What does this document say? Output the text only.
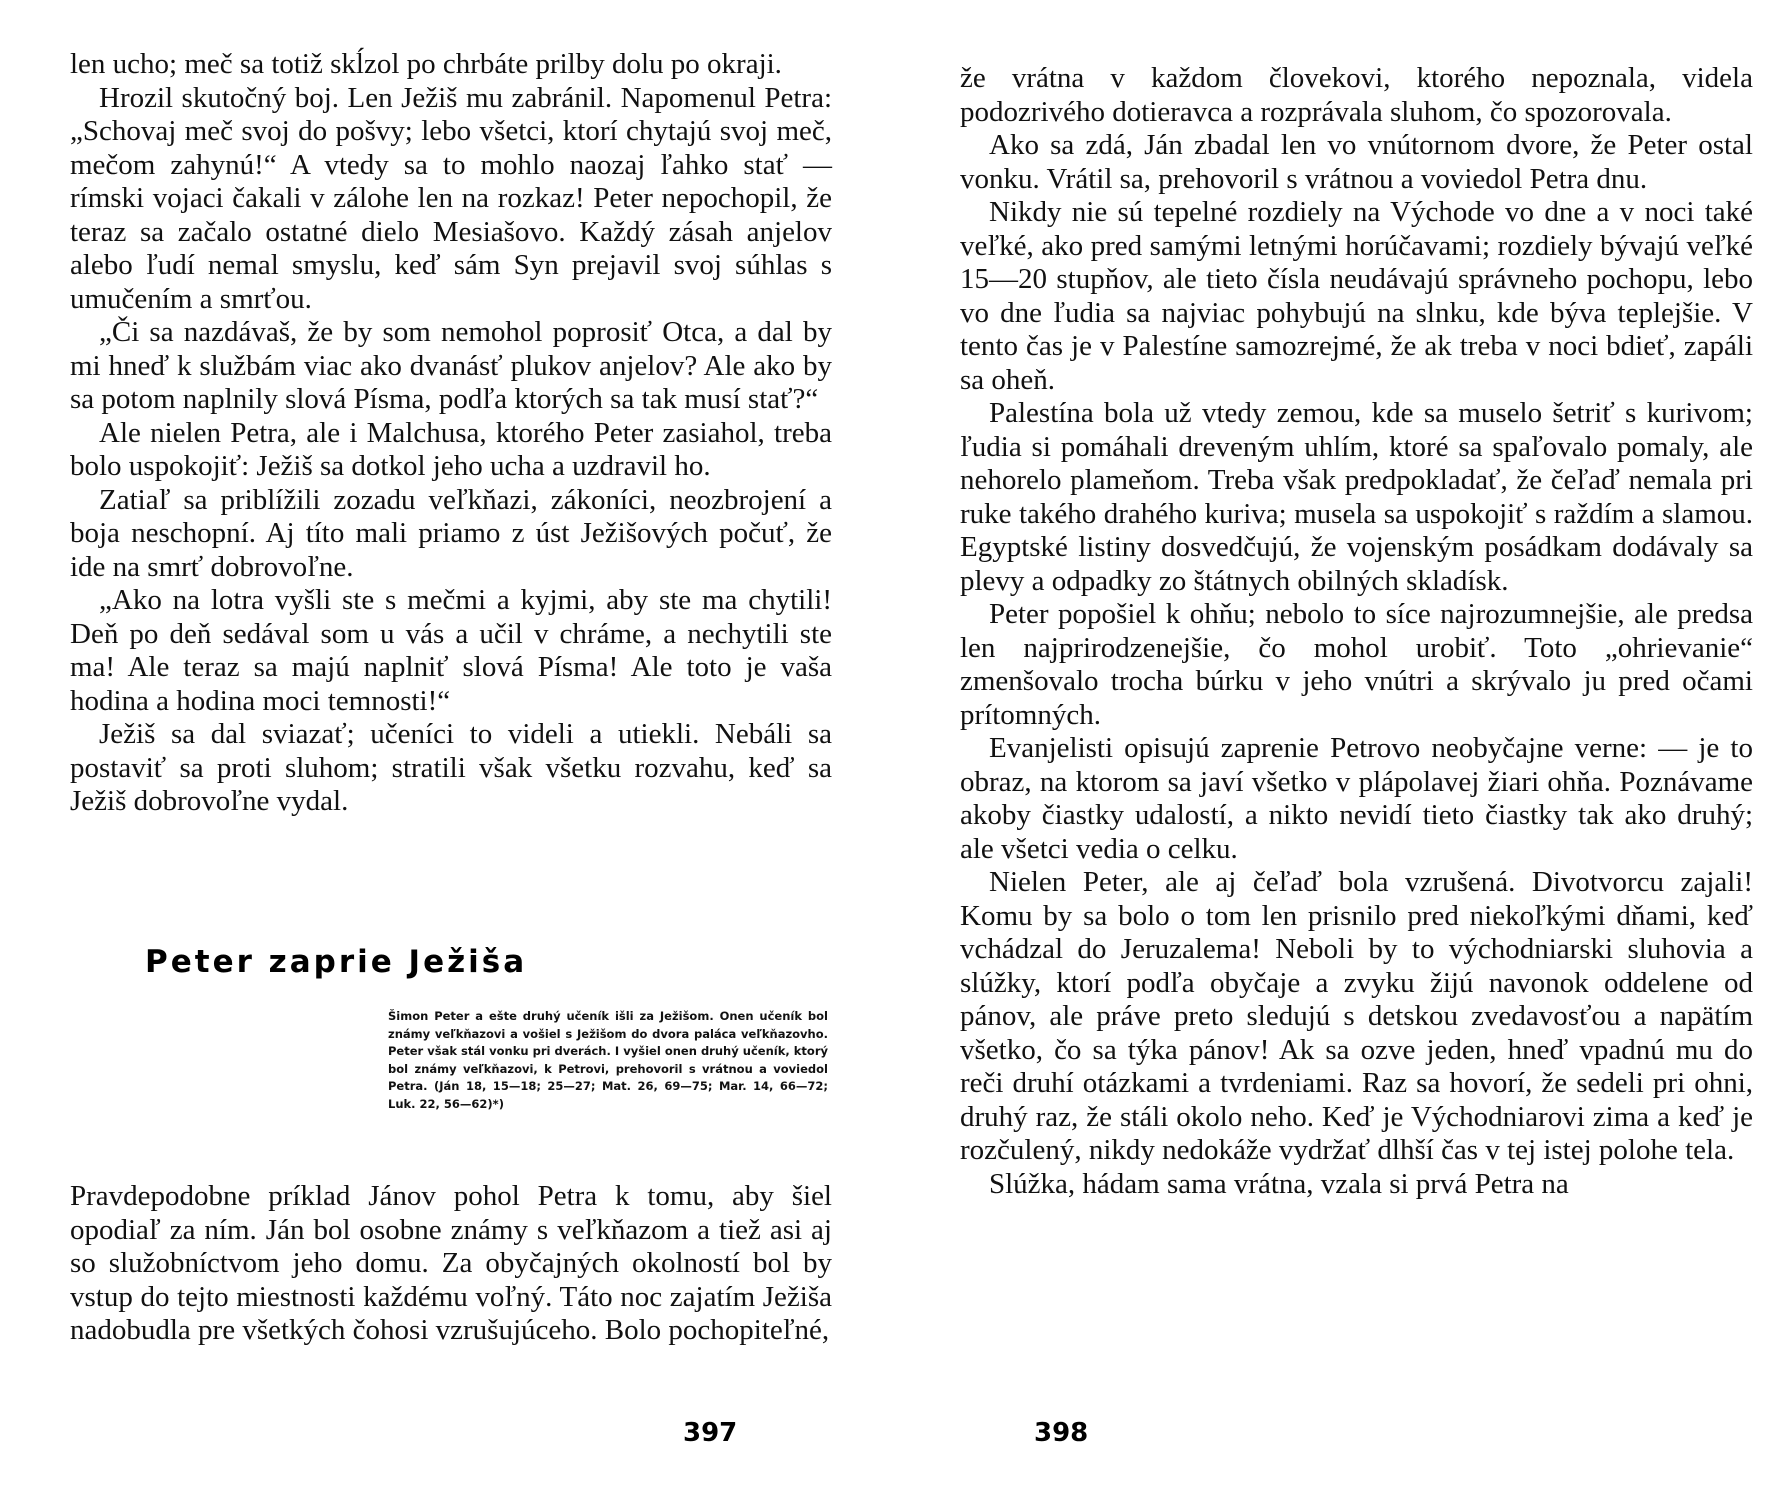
len ucho; meč sa totiž skĺzol po chrbáte prilby dolu po okraji.

Hrozil skutočný boj. Len Ježiš mu zabránil. Napomenul Petra: „Schovaj meč svoj do pošvy; lebo všetci, ktorí chytajú svoj meč, mečom zahynú!“ A vtedy sa to mohlo naozaj ľahko stať — rímski vojaci čakali v zálohe len na rozkaz! Peter nepochopil, že teraz sa začalo ostatné dielo Mesiašovo. Každý zásah anjelov alebo ľudí nemal smyslu, keď sám Syn prejavil svoj súhlas s umučením a smrťou.

„Či sa nazdávaš, že by som nemohol poprosiť Otca, a dal by mi hneď k službám viac ako dvanásť plukov anjelov? Ale ako by sa potom naplnily slová Písma, podľa ktorých sa tak musí stať?“

Ale nielen Petra, ale i Malchusa, ktorého Peter zasiahol, treba bolo uspokojiť: Ježiš sa dotkol jeho ucha a uzdravil ho.

Zatiaľ sa priblížili zozadu veľkňazi, zákoníci, neozbrojení a boja neschopní. Aj títo mali priamo z úst Ježišových počuť, že ide na smrť dobrovoľne.

„Ako na lotra vyšli ste s mečmi a kyjmi, aby ste ma chytili! Deň po deň sedával som u vás a učil v chráme, a nechytili ste ma! Ale teraz sa majú naplniť slová Písma! Ale toto je vaša hodina a hodina moci temnosti!“

Ježiš sa dal sviazať; učeníci to videli a utiekli. Nebáli sa postaviť sa proti sluhom; stratili však všetku rozvahu, keď sa Ježiš dobrovoľne vydal.

Peter zaprie Ježiša
Šimon Peter a ešte druhý učeník išli za Ježišom. Onen učeník bol známy veľkňazovi a vošiel s Ježišom do dvora paláca veľkňazovho. Peter však stál vonku pri dverách. I vyšiel onen druhý učeník, ktorý bol známy veľkňazovi, k Petrovi, prehovoril s vrátnou a voviedol Petra. (Ján 18, 15—18; 25—27; Mat. 26, 69—75; Mar. 14, 66—72; Luk. 22, 56—62)*)

Pravdepodobne príklad Jánov pohol Petra k tomu, aby šiel opodiaľ za ním. Ján bol osobne známy s veľkňazom a tiež asi aj so služobníctvom jeho domu. Za obyčajných okolností bol by vstup do tejto miestnosti každému voľný. Táto noc zajatím Ježiša nadobudla pre všetkých čohosi vzrušujúceho. Bolo pochopiteľné,

397

že vrátna v každom človekovi, ktorého nepoznala, videla podozrivého dotieravca a rozprávala sluhom, čo spozorovala.

Ako sa zdá, Ján zbadal len vo vnútornom dvore, že Peter ostal vonku. Vrátil sa, prehovoril s vrátnou a voviedol Petra dnu.

Nikdy nie sú tepelné rozdiely na Východe vo dne a v noci také veľké, ako pred samými letnými horúčavami; rozdiely bývajú veľké 15—20 stupňov, ale tieto čísla neudávajú správneho pochopu, lebo vo dne ľudia sa najviac pohybujú na slnku, kde býva teplejšie. V tento čas je v Palestíne samozrejmé, že ak treba v noci bdieť, zapáli sa oheň.

Palestína bola už vtedy zemou, kde sa muselo šetriť s kurivom; ľudia si pomáhali dreveným uhlím, ktoré sa spaľovalo pomaly, ale nehorelo plameňom. Treba však predpokladať, že čeľaď nemala pri ruke takého drahého kuriva; musela sa uspokojiť s raždím a slamou. Egyptské listiny dosvedčujú, že vojenským posádkam dodávaly sa plevy a odpadky zo štátnych obilných skladísk.

Peter popošiel k ohňu; nebolo to síce najrozumnejšie, ale predsa len najprirodzenejšie, čo mohol urobiť. Toto „ohrievanie“ zmenšovalo trocha búrku v jeho vnútri a skrývalo ju pred očami prítomných.

Evanjelisti opisujú zaprenie Petrovo neobyčajne verne: — je to obraz, na ktorom sa javí všetko v plápolavej žiari ohňa. Poznávame akoby čiastky udalostí, a nikto nevidí tieto čiastky tak ako druhý; ale všetci vedia o celku.

Nielen Peter, ale aj čeľaď bola vzrušená. Divotvorcu zajali! Komu by sa bolo o tom len prisnilo pred niekoľkými dňami, keď vchádzal do Jeruzalema! Neboli by to východniarski sluhovia a slúžky, ktorí podľa obyčaje a zvyku žijú navonok oddelene od pánov, ale práve preto sledujú s detskou zvedavosťou a napätím všetko, čo sa týka pánov! Ak sa ozve jeden, hneď vpadnú mu do reči druhí otázkami a tvrdeniami. Raz sa hovorí, že sedeli pri ohni, druhý raz, že stáli okolo neho. Keď je Východniarovi zima a keď je rozčulený, nikdy nedokáže vydržať dlhší čas v tej istej polohe tela.

Slúžka, hádam sama vrátna, vzala si prvá Petra na

398
